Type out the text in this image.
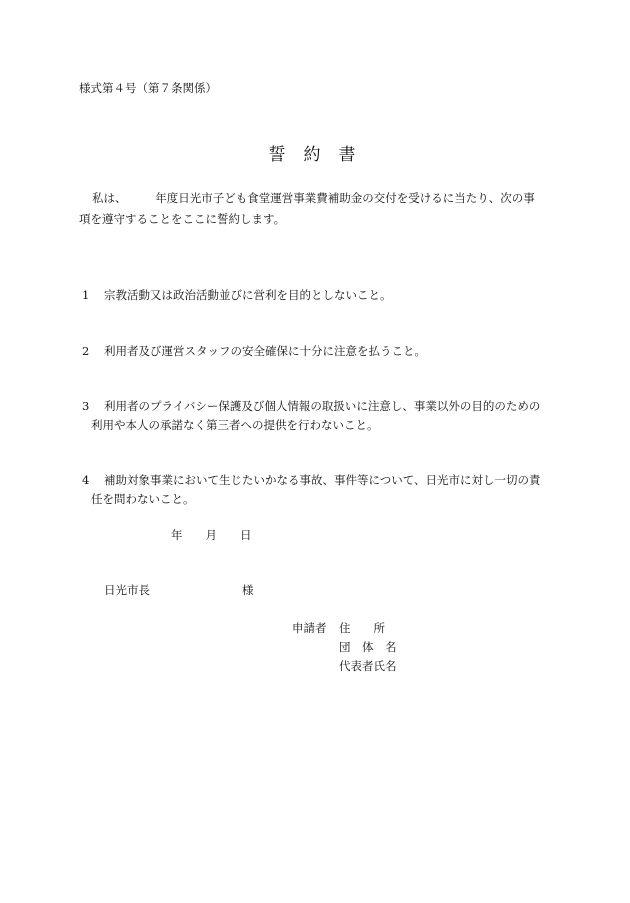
様式第４号（第７条関係）
誓約書
私は、　　　年度日光市子ども食堂運営事業費補助金の交付を受けるに当たり、次の事
項を遵守することをここに誓約します。
1 宗教活動又は政治活動並びに営利を目的としないこと。
2 利用者及び運営スタッフの安全確保に十分に注意を払うこと。
3 利用者のプライバシー保護及び個人情報の取扱いに注意し、事業以外の目的のための
利用や本人の承諾なく第三者への提供を行わないこと。
4 補助対象事業において生じたいかなる事故、事件等について、日光市に対し一切の責
任を問わないこと。
年　　月　　日
日光市長　　　　　　　　様
申請者 住　　所
団　体　名
代表者氏名
